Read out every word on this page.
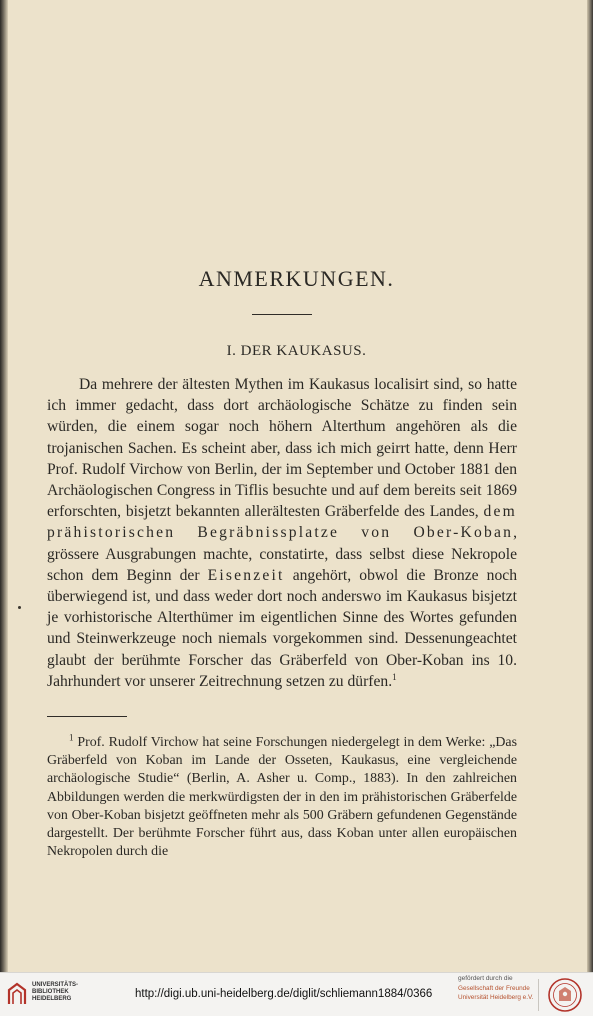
ANMERKUNGEN.
I. DER KAUKASUS.
Da mehrere der ältesten Mythen im Kaukasus localisirt sind, so hatte ich immer gedacht, dass dort archäologische Schätze zu finden sein würden, die einem sogar noch höhern Alterthum angehören als die trojanischen Sachen. Es scheint aber, dass ich mich geirrt hatte, denn Herr Prof. Rudolf Virchow von Berlin, der im September und October 1881 den Archäologischen Congress in Tiflis besuchte und auf dem bereits seit 1869 erforschten, bisjetzt bekannten allerältesten Gräberfelde des Landes, dem prähistorischen Begräbnissplatze von Ober-Koban, grössere Ausgrabungen machte, constatirte, dass selbst diese Nekropole schon dem Beginn der Eisenzeit angehört, obwol die Bronze noch überwiegend ist, und dass weder dort noch anderswo im Kaukasus bisjetzt je vorhistorische Alterthümer im eigentlichen Sinne des Wortes gefunden und Steinwerkzeuge noch niemals vorgekommen sind. Dessenungeachtet glaubt der berühmte Forscher das Gräberfeld von Ober-Koban ins 10. Jahrhundert vor unserer Zeitrechnung setzen zu dürfen.$^1$
$^1$ Prof. Rudolf Virchow hat seine Forschungen niedergelegt in dem Werke: „Das Gräberfeld von Koban im Lande der Osseten, Kaukasus, eine vergleichende archäologische Studie“ (Berlin, A. Asher u. Comp., 1883). In den zahlreichen Abbildungen werden die merkwürdigsten der in den im prähistorischen Gräberfelde von Ober-Koban bisjetzt geöffneten mehr als 500 Gräbern gefundenen Gegenstände dargestellt. Der berühmte Forscher führt aus, dass Koban unter allen europäischen Nekropolen durch die
UNIVERSITÄTS-
BIBLIOTHEK
HEIDELBERG	http://digi.ub.uni-heidelberg.de/diglit/schliemann1884/0366
gefördert durch die
Gesellschaft der Freunde
Universität Heidelberg e.V.
